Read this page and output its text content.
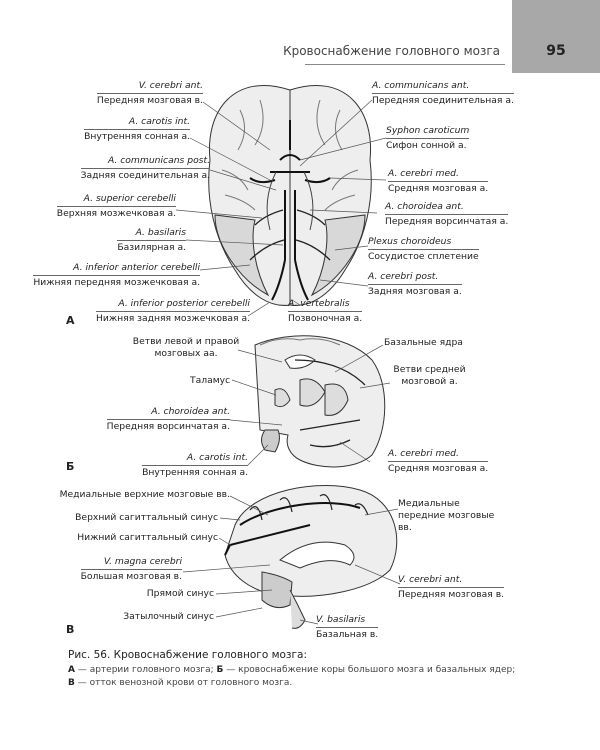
Кровоснабжение головного мозга	95
А
V. cerebri ant.
Передняя мозговая в.
A. carotis int.
Внутренняя сонная а.
A. communicans post.
Задняя соединительная а.
A. superior cerebelli
Верхняя мозжечковая а.
A. basilaris
Базилярная а.
A. inferior anterior cerebelli
Нижняя передняя мозжечковая а.
A. inferior posterior cerebelli
Нижняя задняя мозжечковая а.
A. communicans ant.
Передняя соединительная а.
Syphon caroticum
Сифон сонной а.
A. cerebri med.
Средняя мозговая а.
A. choroidea ant.
Передняя ворсинчатая а.
Plexus choroideus
Сосудистое сплетение
A. cerebri post.
Задняя мозговая а.
A. vertebralis
Позвоночная а.
Б
Ветви левой и правой мозговых аа.
Таламус
A. choroidea ant.
Передняя ворсинчатая а.
A. carotis int.
Внутренняя сонная а.
Базальные ядра
Ветви средней мозговой а.
A. cerebri med.
Средняя мозговая а.
В
Медиальные верхние мозговые вв.
Верхний сагиттальный синус
Нижний сагиттальный синус
V. magna cerebri
Большая мозговая в.
Прямой синус
Затылочный синус
Медиальные передние мозговые вв.
V. cerebri ant.
Передняя мозговая в.
V. basilaris
Базальная в.
Рис. 56. Кровоснабжение головного мозга:
А — артерии головного мозга; Б — кровоснабжение коры большого мозга и базальных ядер;
В — отток венозной крови от головного мозга.
